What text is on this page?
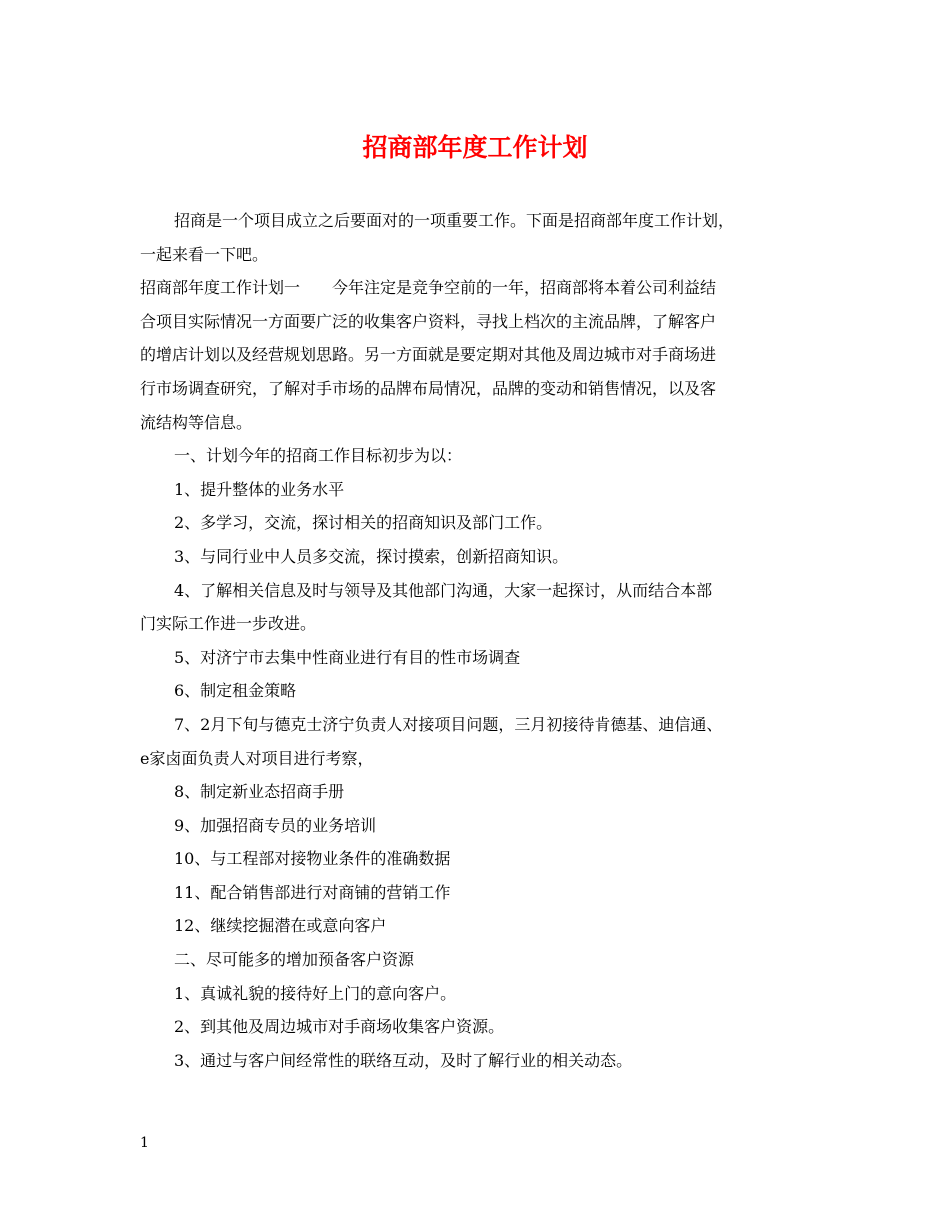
招商部年度工作计划
招商是一个项目成立之后要面对的一项重要工作。下面是招商部年度工作计划，
一起来看一下吧。
招商部年度工作计划一　　今年注定是竞争空前的一年，招商部将本着公司利益结
合项目实际情况一方面要广泛的收集客户资料，寻找上档次的主流品牌，了解客户
的增店计划以及经营规划思路。另一方面就是要定期对其他及周边城市对手商场进
行市场调查研究，了解对手市场的品牌布局情况，品牌的变动和销售情况，以及客
流结构等信息。
一、计划今年的招商工作目标初步为以：
1、提升整体的业务水平
2、多学习，交流，探讨相关的招商知识及部门工作。
3、与同行业中人员多交流，探讨摸索，创新招商知识。
4、了解相关信息及时与领导及其他部门沟通，大家一起探讨，从而结合本部
门实际工作进一步改进。
5、对济宁市去集中性商业进行有目的性市场调查
6、制定租金策略
7、2月下旬与德克士济宁负责人对接项目问题，三月初接待肯德基、迪信通、
e家卤面负责人对项目进行考察，
8、制定新业态招商手册
9、加强招商专员的业务培训
10、与工程部对接物业条件的准确数据
11、配合销售部进行对商铺的营销工作
12、继续挖掘潜在或意向客户
二、尽可能多的增加预备客户资源
1、真诚礼貌的接待好上门的意向客户。
2、到其他及周边城市对手商场收集客户资源。
3、通过与客户间经常性的联络互动，及时了解行业的相关动态。
1
